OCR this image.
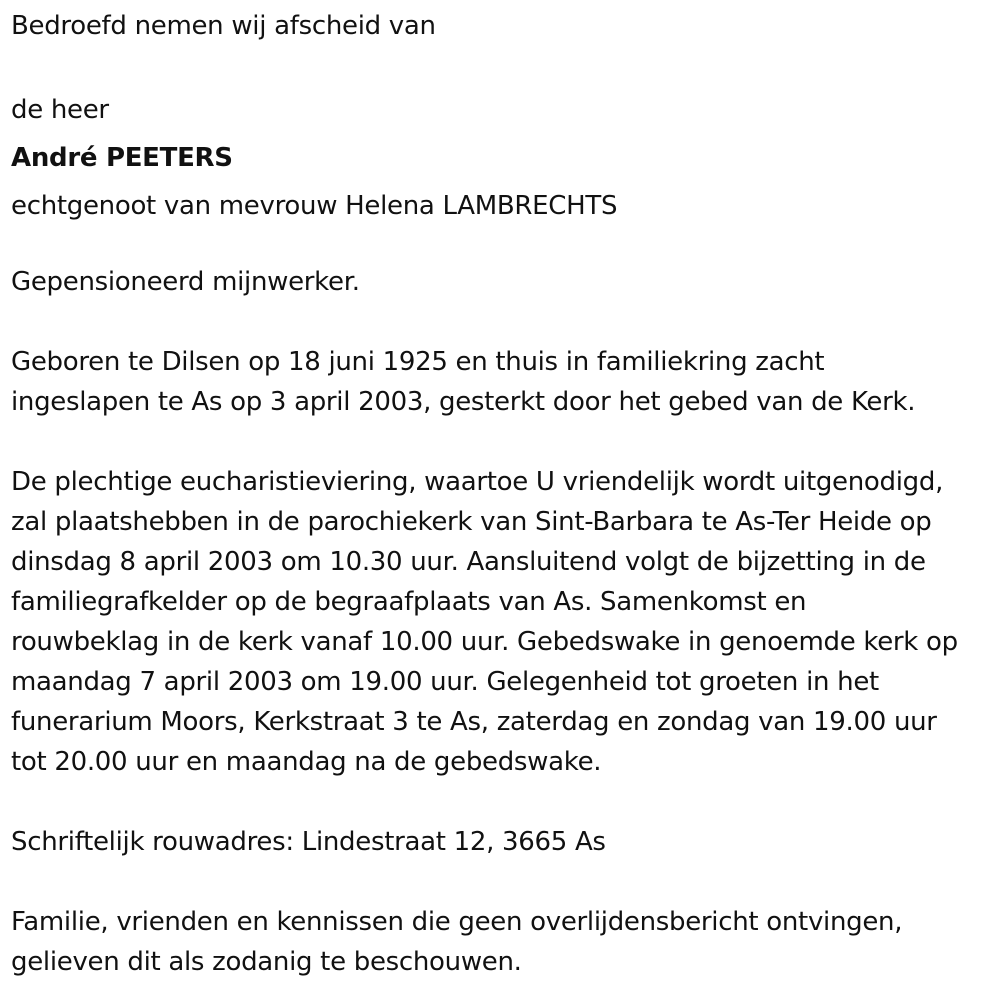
Bedroefd nemen wij afscheid van
de heer
André PEETERS
echtgenoot van mevrouw Helena LAMBRECHTS
Gepensioneerd mijnwerker.
Geboren te Dilsen op 18 juni 1925 en thuis in familiekring zacht
ingeslapen te As op 3 april 2003, gesterkt door het gebed van de Kerk.
De plechtige eucharistieviering, waartoe U vriendelijk wordt uitgenodigd,
zal plaatshebben in de parochiekerk van Sint-Barbara te As-Ter Heide op
dinsdag 8 april 2003 om 10.30 uur. Aansluitend volgt de bijzetting in de
familiegrafkelder op de begraafplaats van As. Samenkomst en
rouwbeklag in de kerk vanaf 10.00 uur. Gebedswake in genoemde kerk op
maandag 7 april 2003 om 19.00 uur. Gelegenheid tot groeten in het
funerarium Moors, Kerkstraat 3 te As, zaterdag en zondag van 19.00 uur
tot 20.00 uur en maandag na de gebedswake.
Schriftelijk rouwadres: Lindestraat 12, 3665 As
Familie, vrienden en kennissen die geen overlijdensbericht ontvingen,
gelieven dit als zodanig te beschouwen.
